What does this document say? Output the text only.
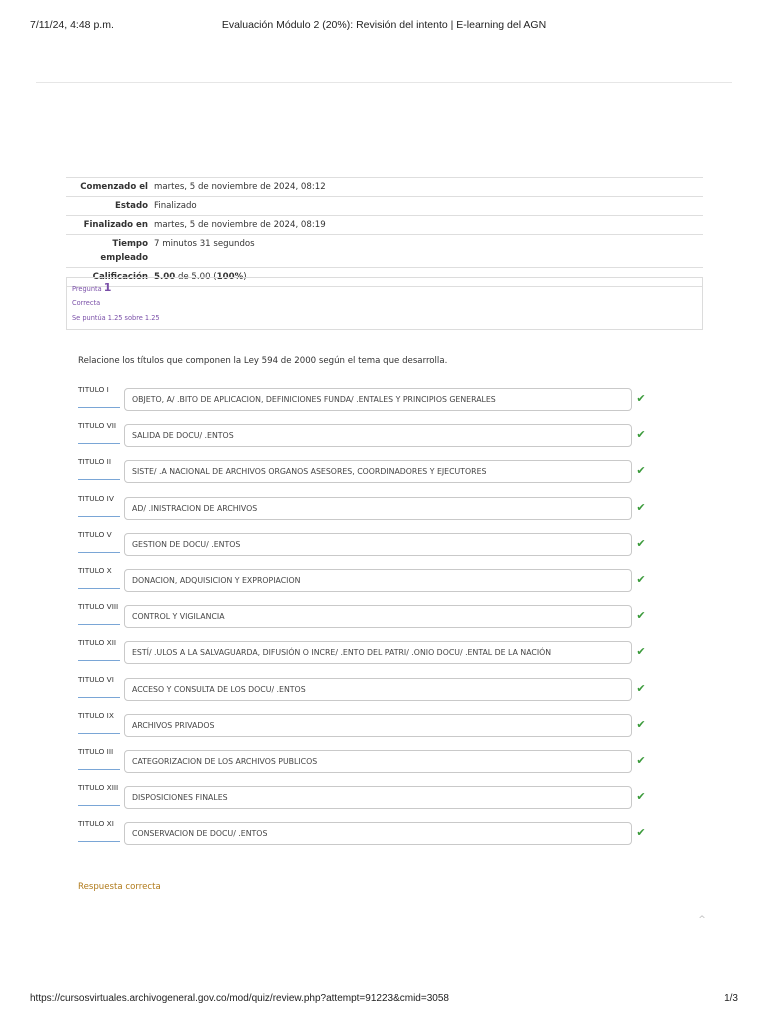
7/11/24, 4:48 p.m.	Evaluación Módulo 2 (20%): Revisión del intento | E-learning del AGN
Comenzado el martes, 5 de noviembre de 2024, 08:12
Estado Finalizado
Finalizado en martes, 5 de noviembre de 2024, 08:19
Tiempo
empleado
7 minutos 31 segundos
Calificación 5.00 de 5.00 (100%)
Pregunta 1
Correcta
Se puntúa 1.25 sobre 1.25
Relacione los títulos que componen la Ley 594 de 2000 según el tema que desarrolla.
TITULO I
OBJETO, A/ .BITO DE APLICACION, DEFINICIONES FUNDA/ .ENTALES Y PRINCIPIOS GENERALES	✔
TITULO VII
SALIDA DE DOCU/ .ENTOS	✔
TITULO II
SISTE/ .A NACIONAL DE ARCHIVOS ORGANOS ASESORES, COORDINADORES Y EJECUTORES	✔
TITULO IV
AD/ .INISTRACION DE ARCHIVOS	✔
TITULO V
GESTION DE DOCU/ .ENTOS	✔
TITULO X
DONACION, ADQUISICION Y EXPROPIACION	✔
TITULO VIII
CONTROL Y VIGILANCIA	✔
TITULO XII
ESTÍ/ .ULOS A LA SALVAGUARDA, DIFUSIÓN O INCRE/ .ENTO DEL PATRI/ .ONIO DOCU/ .ENTAL DE LA NACIÓN	✔
TITULO VI
ACCESO Y CONSULTA DE LOS DOCU/ .ENTOS	✔
TITULO IX
ARCHIVOS PRIVADOS	✔
TITULO III
CATEGORIZACION DE LOS ARCHIVOS PUBLICOS	✔
TITULO XIII
DISPOSICIONES FINALES	✔
TITULO XI
CONSERVACION DE DOCU/ .ENTOS	✔
Respuesta correcta
^
https://cursosvirtuales.archivogeneral.gov.co/mod/quiz/review.php?attempt=91223&cmid=3058	1/3
